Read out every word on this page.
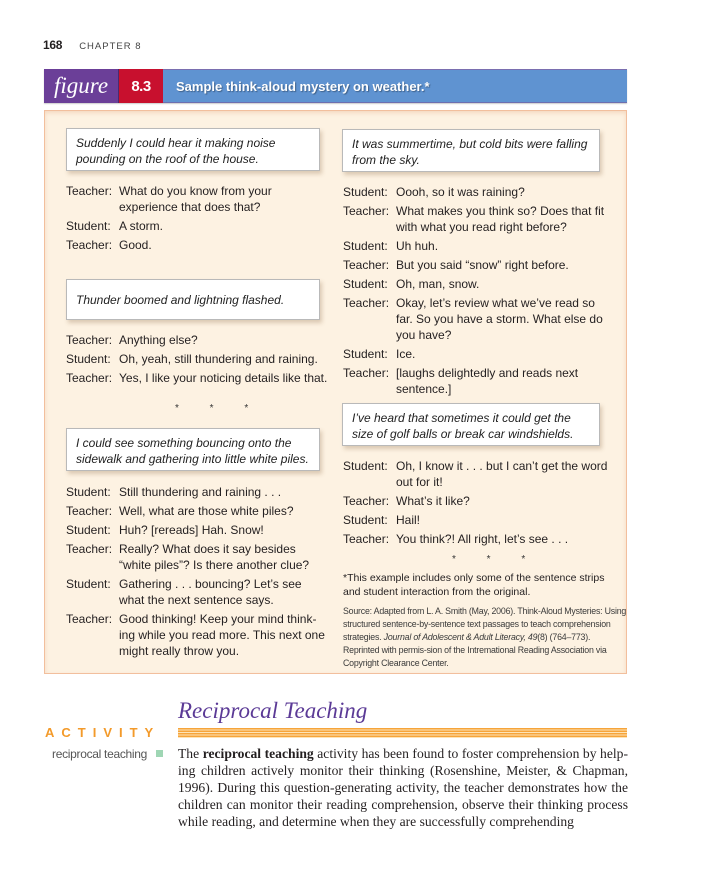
168 CHAPTER 8
figure	8.3	Sample think-aloud mystery on weather.*
Suddenly I could hear it making noise pounding on the roof of the house.
Teacher: What do you know from your experience that does that?
Student: A storm.
Teacher: Good.
Thunder boomed and lightning flashed.
Teacher: Anything else?
Student: Oh, yeah, still thundering and raining.
Teacher: Yes, I like your noticing details like that.
* * *
I could see something bouncing onto the sidewalk and gathering into little white piles.
Student: Still thundering and raining . . .
Teacher: Well, what are those white piles?
Student: Huh? [rereads] Hah. Snow!
Teacher: Really? What does it say besides “white piles”? Is there another clue?
Student: Gathering . . . bouncing? Let’s see what the next sentence says.
Teacher: Good thinking! Keep your mind think-ing while you read more. This next one might really throw you.
It was summertime, but cold bits were falling from the sky.
Student: Oooh, so it was raining?
Teacher: What makes you think so? Does that fit with what you read right before?
Student: Uh huh.
Teacher: But you said “snow” right before.
Student: Oh, man, snow.
Teacher: Okay, let’s review what we’ve read so far. So you have a storm. What else do you have?
Student: Ice.
Teacher: [laughs delightedly and reads next sentence.]
I’ve heard that sometimes it could get the size of golf balls or break car windshields.
Student: Oh, I know it . . . but I can’t get the word out for it!
Teacher: What’s it like?
Student: Hail!
Teacher: You think?! All right, let’s see . . .
* * *
*This example includes only some of the sentence strips and student interaction from the original.
Source: Adapted from L. A. Smith (May, 2006). Think-Aloud Mysteries: Using structured sentence-by-sentence text passages to teach comprehension strategies. Journal of Adolescent & Adult Literacy, 49(8) (764–773). Reprinted with permis-sion of the Intremational Reading Association via Copyright Clearance Center.
Reciprocal Teaching
ACTIVITY
reciprocal teaching	The reciprocal teaching activity has been found to foster comprehension by help-ing children actively monitor their thinking (Rosenshine, Meister, & Chapman, 1996). During this question-generating activity, the teacher demonstrates how the children can monitor their reading comprehension, observe their thinking process while reading, and determine when they are successfully comprehending
